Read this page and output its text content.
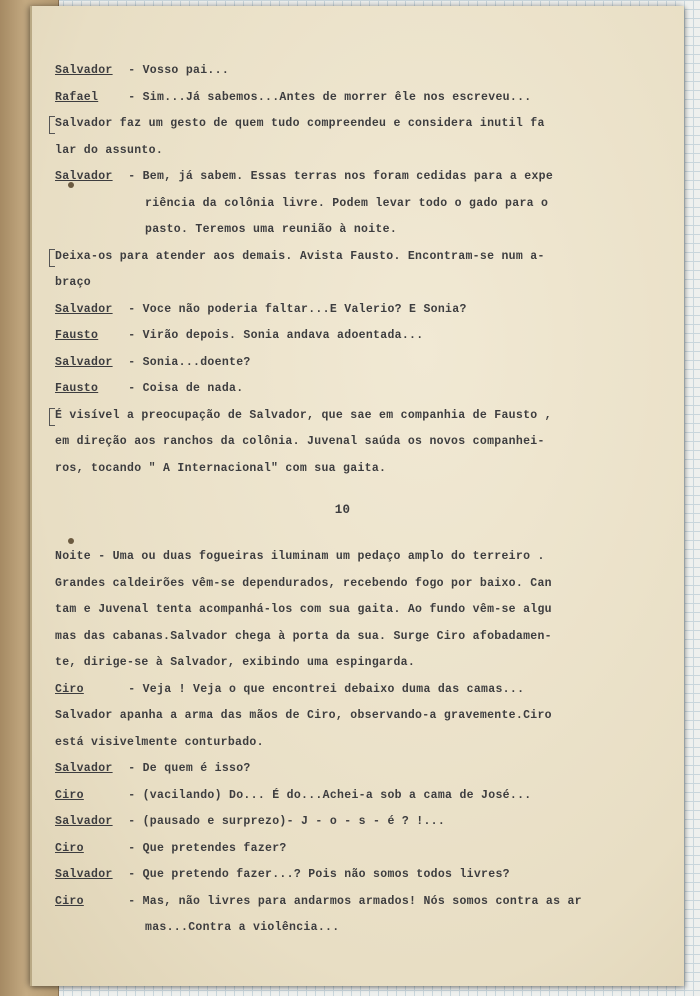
Salvador - Vosso pai...
Rafael - Sim...Já sabemos...Antes de morrer êle nos escreveu...
Salvador faz um gesto de quem tudo compreendeu e considera inutil fa
lar do assunto.
Salvador - Bem, já sabem. Essas terras nos foram cedidas para a expe
riência da colônia livre. Podem levar todo o gado para o
pasto. Teremos uma reunião à noite.
Deixa-os para atender aos demais. Avista Fausto. Encontram-se num a-
braço
Salvador - Voce não poderia faltar...E Valerio? E Sonia?
Fausto - Virão depois. Sonia andava adoentada...
Salvador - Sonia...doente?
Fausto - Coisa de nada.
É visível a preocupação de Salvador, que sae em companhia de Fausto ,
em direção aos ranchos da colônia. Juvenal saúda os novos companhei-
ros, tocando " A Internacional" com sua gaita.
10
Noite - Uma ou duas fogueiras iluminam um pedaço amplo do terreiro .
Grandes caldeirões vêm-se dependurados, recebendo fogo por baixo. Can
tam e Juvenal tenta acompanhá-los com sua gaita. Ao fundo vêm-se algu
mas das cabanas.Salvador chega à porta da sua. Surge Ciro afobadamen-
te, dirige-se à Salvador, exibindo uma espingarda.
Ciro	- Veja ! Veja o que encontrei debaixo duma das camas...
Salvador apanha a arma das mãos de Ciro, observando-a gravemente.Ciro
está visivelmente conturbado.
Salvador - De quem é isso?
Ciro	- (vacilando) Do... É do...Achei-a sob a cama de José...
Salvador - (pausado e surprezo)- J - o - s - é ? !...
Ciro	- Que pretendes fazer?
Salvador - Que pretendo fazer...? Pois não somos todos livres?
Ciro	- Mas, não livres para andarmos armados! Nós somos contra as ar
mas...Contra a violência...
